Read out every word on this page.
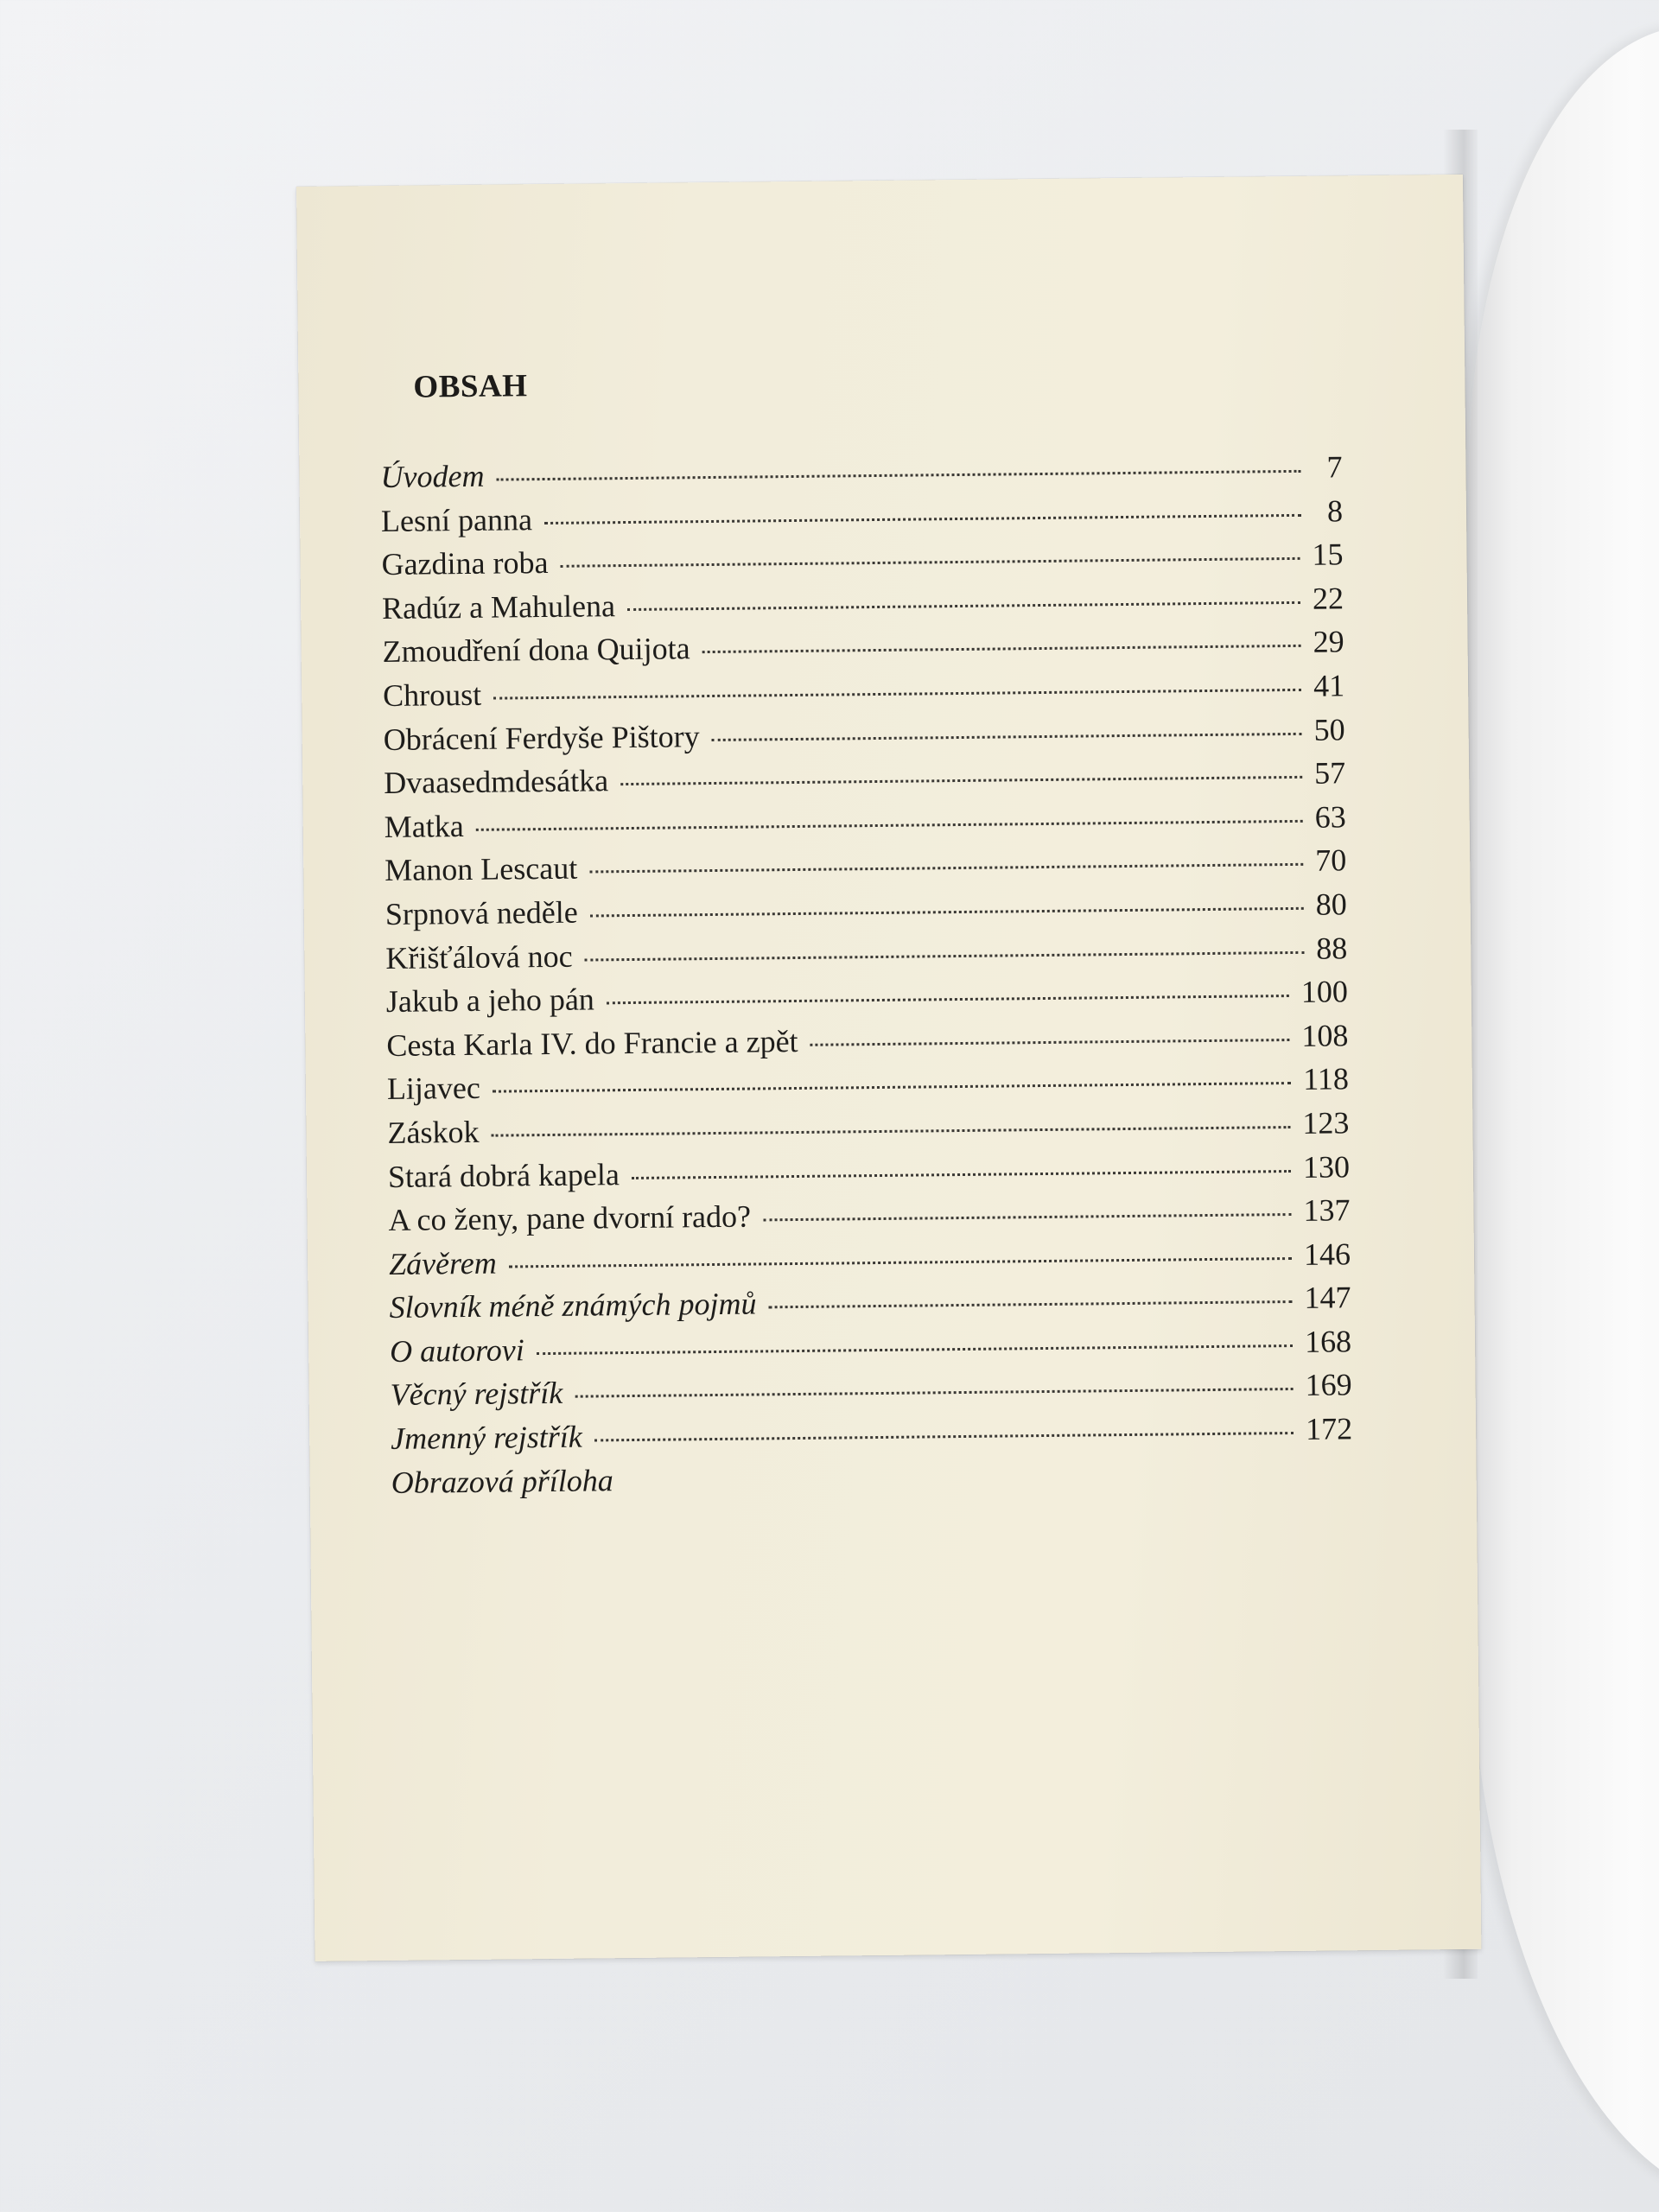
OBSAH
Úvodem	7
Lesní panna	8
Gazdina roba	15
Radúz a Mahulena	22
Zmoudření dona Quijota	29
Chroust	41
Obrácení Ferdyše Pištory	50
Dvaasedmdesátka	57
Matka	63
Manon Lescaut	70
Srpnová neděle	80
Křišťálová noc	88
Jakub a jeho pán	100
Cesta Karla IV. do Francie a zpět	108
Lijavec	118
Záskok	123
Stará dobrá kapela	130
A co ženy, pane dvorní rado?	137
Závěrem	146
Slovník méně známých pojmů	147
O autorovi	168
Věcný rejstřík	169
Jmenný rejstřík	172
Obrazová příloha
